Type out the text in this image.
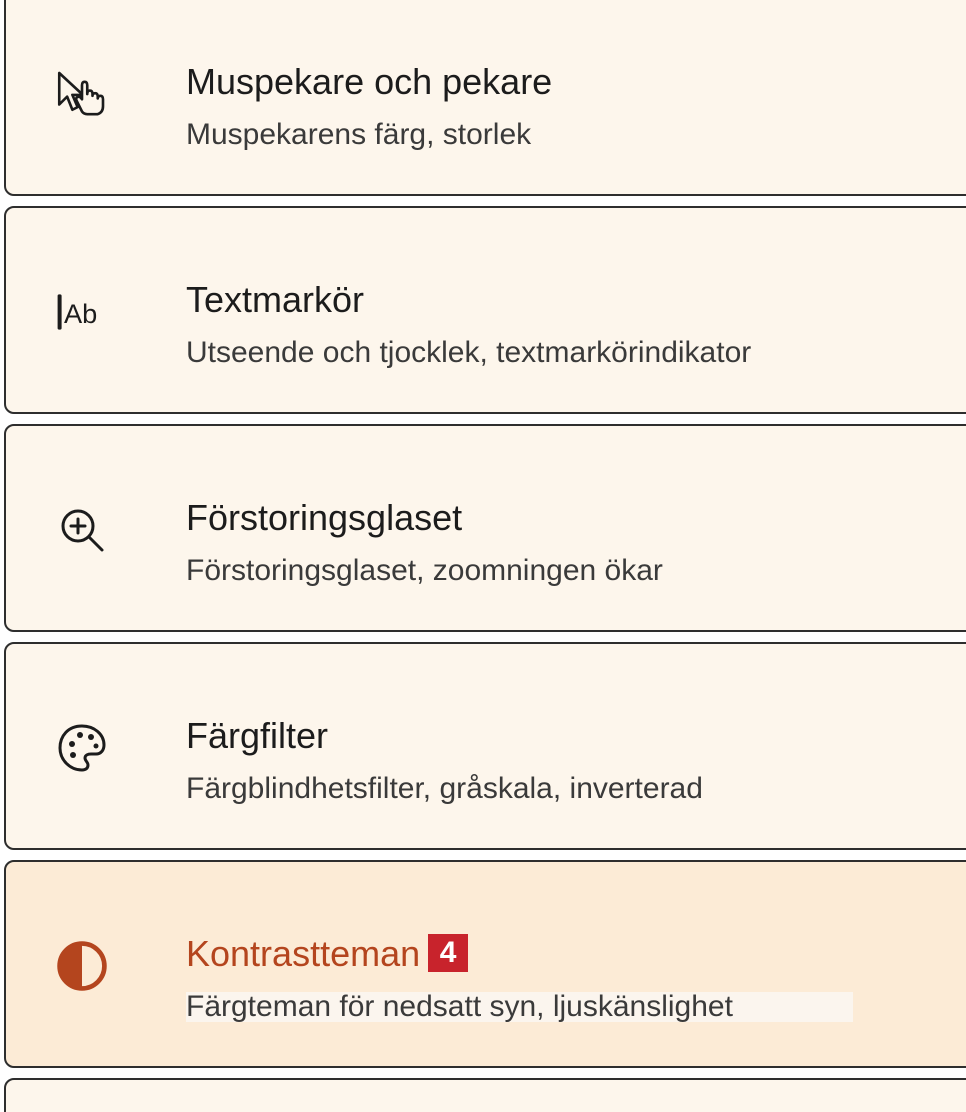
Muspekare och pekare
Muspekarens färg, storlek
Ab Textmarkör
Utseende och tjocklek, textmarkörindikator
Förstoringsglaset
Förstoringsglaset, zoomningen ökar
Färgfilter
Färgblindhetsfilter, gråskala, inverterad
Kontrastteman 4
Färgteman för nedsatt syn, ljuskänslighet
